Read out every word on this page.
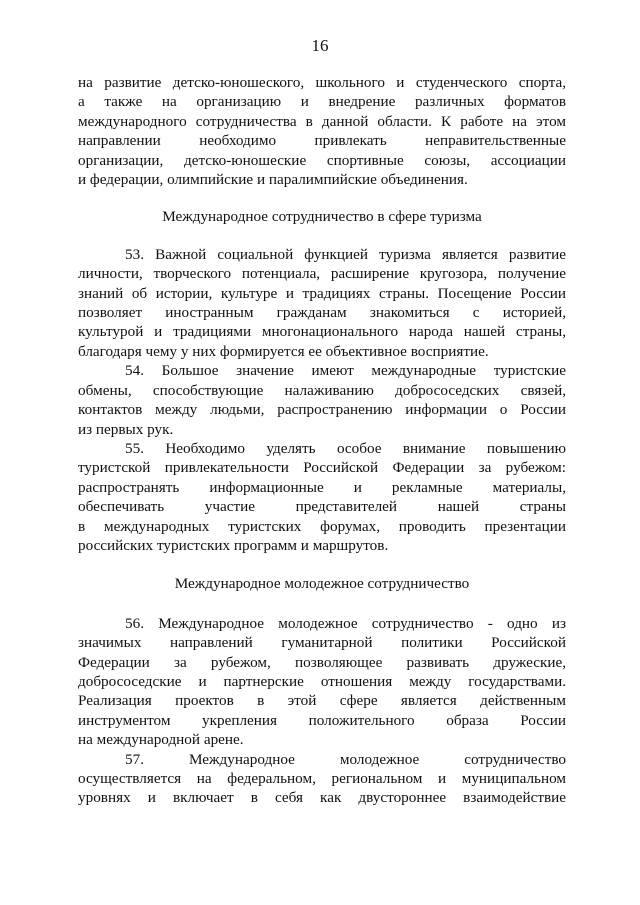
16
на развитие детско-юношеского, школьного и студенческого спорта,
а также на организацию и внедрение различных форматов
международного сотрудничества в данной области. К работе на этом
направлении необходимо привлекать неправительственные
организации, детско-юношеские спортивные союзы, ассоциации
и федерации, олимпийские и паралимпийские объединения.
Международное сотрудничество в сфере туризма
53. Важной социальной функцией туризма является развитие
личности, творческого потенциала, расширение кругозора, получение
знаний об истории, культуре и традициях страны. Посещение России
позволяет иностранным гражданам знакомиться с историей,
культурой и традициями многонационального народа нашей страны,
благодаря чему у них формируется ее объективное восприятие.
54. Большое значение имеют международные туристские
обмены, способствующие налаживанию добрососедских связей,
контактов между людьми, распространению информации о России
из первых рук.
55. Необходимо уделять особое внимание повышению
туристской привлекательности Российской Федерации за рубежом:
распространять информационные и рекламные материалы,
обеспечивать участие представителей нашей страны
в международных туристских форумах, проводить презентации
российских туристских программ и маршрутов.
Международное молодежное сотрудничество
56. Международное молодежное сотрудничество - одно из
значимых направлений гуманитарной политики Российской
Федерации за рубежом, позволяющее развивать дружеские,
добрососедские и партнерские отношения между государствами.
Реализация проектов в этой сфере является действенным
инструментом укрепления положительного образа России
на международной арене.
57. Международное молодежное сотрудничество
осуществляется на федеральном, региональном и муниципальном
уровнях и включает в себя как двустороннее взаимодействие
